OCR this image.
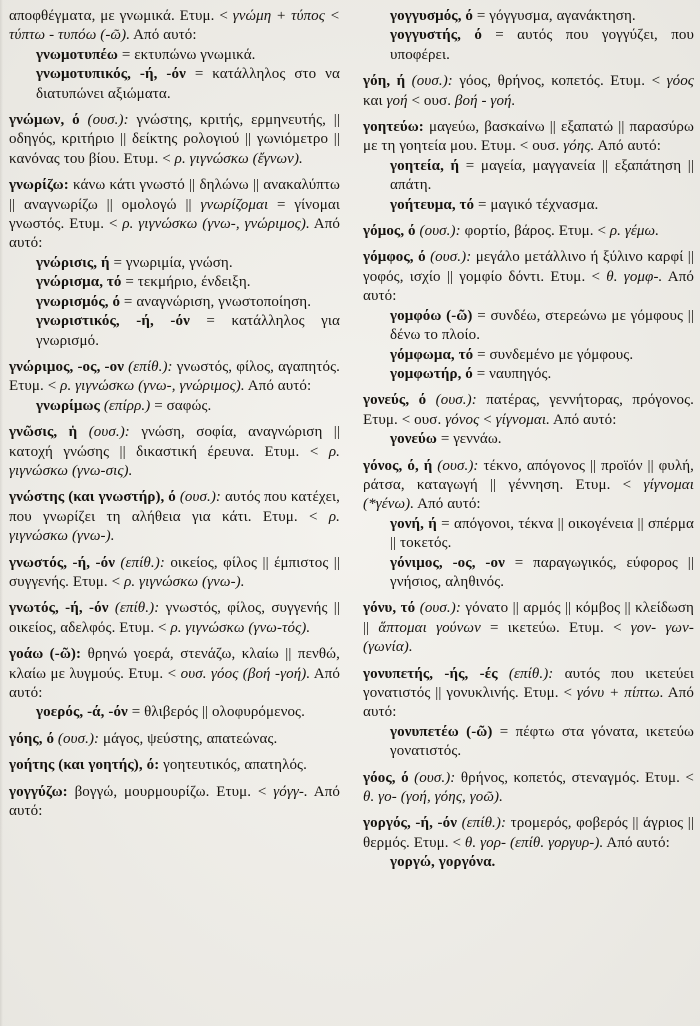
αποφθέγματα, με γνωμικά. Ετυμ. < γνώμη + τύπος < τύπτω - τυπόω (-ῶ). Από αυτό:

γνωμοτυπέω = εκτυπώνω γνωμικά.

γνωμοτυπικός, -ή, -όν = κατάλληλος στο να διατυπώνει αξιώματα.

γνώμων, ό (ουσ.): γνώστης, κριτής, ερμηνευτής, || οδηγός, κριτήριο || δείκτης ρολογιού || γωνιόμετρο || κανόνας του βίου. Ετυμ. < ρ. γιγνώσκω (ἔγνων).

γνωρίζω: κάνω κάτι γνωστό || δηλώνω || ανακαλύπτω || αναγνωρίζω || ομολογώ || γνωρίζομαι = γίνομαι γνωστός. Ετυμ. < ρ. γιγνώσκω (γνω-, γνώριμος). Από αυτό:

γνώρισις, ή = γνωριμία, γνώση.

γνώρισμα, τό = τεκμήριο, ένδειξη.

γνωρισμός, ό = αναγνώριση, γνωστοποίηση.

γνωριστικός, -ή, -όν = κατάλληλος για γνωρισμό.

γνώριμος, -ος, -ον (επίθ.): γνωστός, φίλος, αγαπητός. Ετυμ. < ρ. γιγνώσκω (γνω-, γνώριμος). Από αυτό:

γνωρίμως (επίρρ.) = σαφώς.

γνῶσις, ἡ (ουσ.): γνώση, σοφία, αναγνώριση || κατοχή γνώσης || δικαστική έρευνα. Ετυμ. < ρ. γιγνώσκω (γνω-σις).

γνώστης (και γνωστήρ), ό (ουσ.): αυτός που κατέχει, που γνωρίζει τη αλήθεια για κάτι. Ετυμ. < ρ. γιγνώσκω (γνω-).

γνωστός, -ή, -όν (επίθ.): οικείος, φίλος || έμπιστος || συγγενής. Ετυμ. < ρ. γιγνώσκω (γνω-).

γνωτός, -ή, -όν (επίθ.): γνωστός, φίλος, συγγενής || οικείος, αδελφός. Ετυμ. < ρ. γιγνώσκω (γνω-τός).

γοάω (-ῶ): θρηνώ γοερά, στενάζω, κλαίω || πενθώ, κλαίω με λυγμούς. Ετυμ. < ουσ. γόος (βοή -γοή). Από αυτό:

γοερός, -ά, -όν = θλιβερός || ολοφυρόμενος.

γόης, ό (ουσ.): μάγος, ψεύστης, απατεώνας.

γοήτης (και γοητής), ό: γοητευτικός, απατηλός.

γογγύζω: βογγώ, μουρμουρίζω. Ετυμ. < γόγγ-. Από αυτό:

γογγυσμός, ό = γόγγυσμα, αγανάκτηση.

γογγυστής, ό = αυτός που γογγύζει, που υποφέρει.

γόη, ή (ουσ.): γόος, θρήνος, κοπετός. Ετυμ. < γόος και γοή < ουσ. βοή - γοή.

γοητεύω: μαγεύω, βασκαίνω || εξαπατώ || παρασύρω με τη γοητεία μου. Ετυμ. < ουσ. γόης. Από αυτό:

γοητεία, ή = μαγεία, μαγγανεία || εξαπάτηση || απάτη.

γοήτευμα, τό = μαγικό τέχνασμα.

γόμος, ό (ουσ.): φορτίο, βάρος. Ετυμ. < ρ. γέμω.

γόμφος, ό (ουσ.): μεγάλο μετάλλινο ή ξύλινο καρφί || γοφός, ισχίο || γομφίο δόντι. Ετυμ. < θ. γομφ-. Από αυτό:

γομφόω (-ῶ) = συνδέω, στερεώνω με γόμφους || δένω το πλοίο.

γόμφωμα, τό = συνδεμένο με γόμφους.

γομφωτήρ, ό = ναυπηγός.

γονεύς, ό (ουσ.): πατέρας, γεννήτορας, πρόγονος. Ετυμ. < ουσ. γόνος < γίγνομαι. Από αυτό:

γονεύω = γεννάω.

γόνος, ό, ή (ουσ.): τέκνο, απόγονος || προϊόν || φυλή, ράτσα, καταγωγή || γέννηση. Ετυμ. < γίγνομαι (*γένω). Από αυτό:

γονή, ή = απόγονοι, τέκνα || οικογένεια || σπέρμα || τοκετός.

γόνιμος, -ος, -ον = παραγωγικός, εύφορος || γνήσιος, αληθινός.

γόνυ, τό (ουσ.): γόνατο || αρμός || κόμβος || κλείδωση || ἅπτομαι γούνων = ικετεύω. Ετυμ. < γον- γων- (γωνία).

γονυπετής, -ής, -ές (επίθ.): αυτός που ικετεύει γονατιστός || γονυκλινής. Ετυμ. < γόνυ + πίπτω. Από αυτό:

γονυπετέω (-ῶ) = πέφτω στα γόνατα, ικετεύω γονατιστός.

γόος, ό (ουσ.): θρήνος, κοπετός, στεναγμός. Ετυμ. < θ. γο- (γοή, γόης, γοῶ).

γοργός, -ή, -όν (επίθ.): τρομερός, φοβερός || άγριος || θερμός. Ετυμ. < θ. γορ- (επίθ. γοργυρ-). Από αυτό:

γοργώ, γοργόνα.
